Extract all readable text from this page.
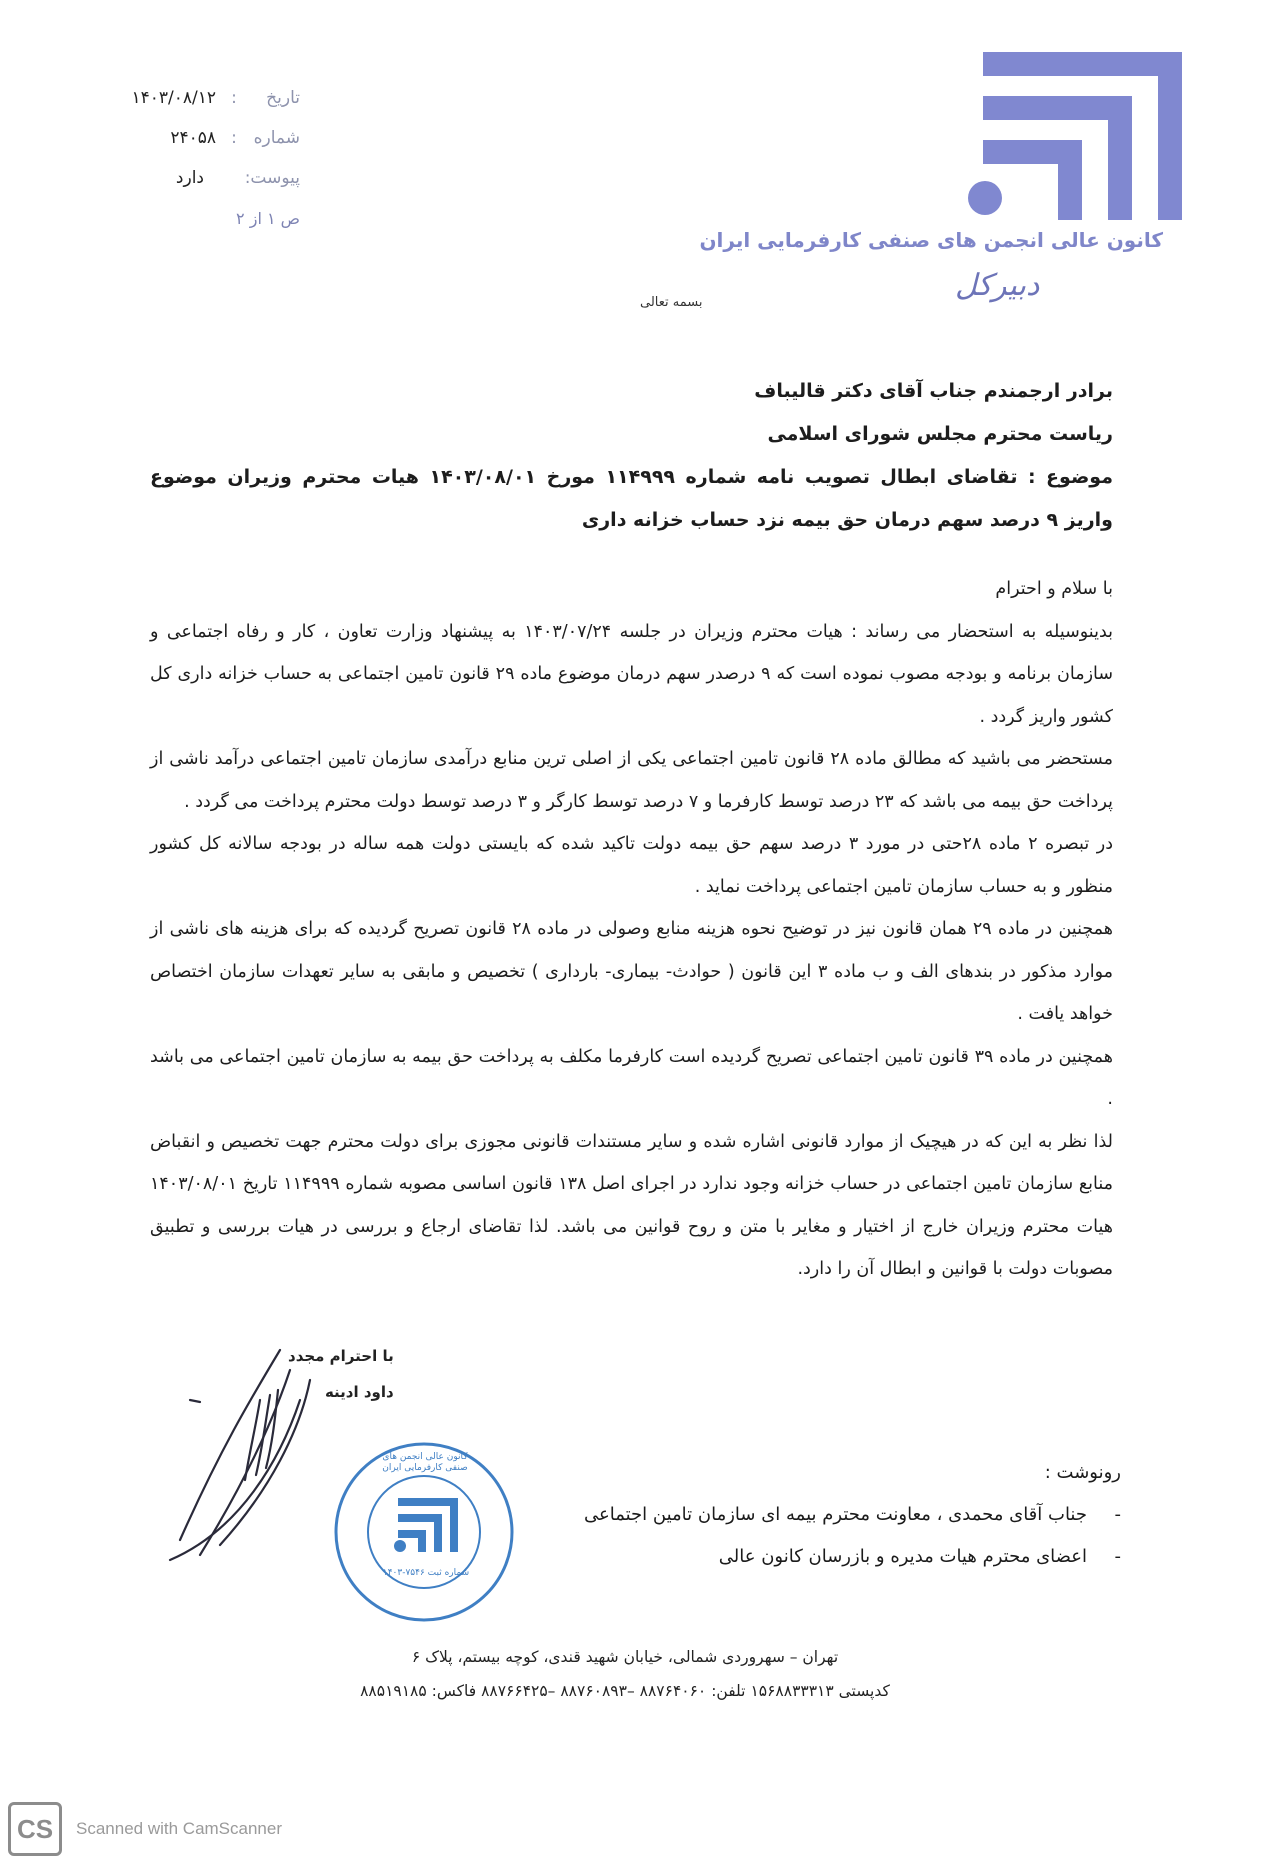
کانون عالی انجمن های صنفی کارفرمایی ایران
دبیرکل
تاریخ
:
۱۴۰۳/۰۸/۱۲
شماره
:
۲۴۰۵۸
پیوست:
دارد
ص ۱ از ۲
بسمه تعالی

برادر ارجمندم جناب آقای دکتر قالیباف

ریاست محترم مجلس شورای اسلامی

موضوع : تقاضای ابطال تصویب نامه شماره ۱۱۴۹۹۹ مورخ ۱۴۰۳/۰۸/۰۱ هیات محترم وزیران موضوع واریز ۹ درصد سهم درمان حق بیمه نزد حساب خزانه داری

با سلام و احترام

بدینوسیله به استحضار می رساند : هیات محترم وزیران در جلسه ۱۴۰۳/۰۷/۲۴ به پیشنهاد وزارت تعاون ، کار و رفاه اجتماعی و سازمان برنامه و بودجه مصوب نموده است که ۹ درصدر سهم درمان موضوع ماده ۲۹ قانون تامین اجتماعی به حساب خزانه داری کل کشور واریز گردد .

مستحضر می باشید که مطالق ماده ۲۸ قانون تامین اجتماعی یکی از اصلی ترین منابع درآمدی سازمان تامین اجتماعی درآمد ناشی از پرداخت حق بیمه می باشد که ۲۳ درصد توسط کارفرما و ۷ درصد توسط کارگر و ۳ درصد توسط دولت محترم پرداخت می گردد .

در تبصره ۲ ماده ۲۸حتی در مورد ۳ درصد سهم حق بیمه دولت تاکید شده که بایستی دولت همه ساله در بودجه سالانه کل کشور منظور و به حساب سازمان تامین اجتماعی پرداخت نماید .

همچنین در ماده ۲۹ همان قانون نیز در توضیح نحوه هزینه منابع وصولی در ماده ۲۸ قانون تصریح گردیده که برای هزینه های ناشی از موارد مذکور در بندهای الف و ب ماده ۳ این قانون ( حوادث- بیماری- بارداری ) تخصیص و مابقی به سایر تعهدات سازمان اختصاص خواهد یافت .

همچنین در ماده ۳۹ قانون تامین اجتماعی تصریح گردیده است کارفرما مکلف به پرداخت حق بیمه به سازمان تامین اجتماعی می باشد .

لذا نظر به این که در هیچیک از موارد قانونی اشاره شده و سایر مستندات قانونی مجوزی برای دولت محترم جهت تخصیص و انقباض منابع سازمان تامین اجتماعی در حساب خزانه وجود ندارد در اجرای اصل ۱۳۸ قانون اساسی مصوبه شماره ۱۱۴۹۹۹ تاریخ ۱۴۰۳/۰۸/۰۱ هیات محترم وزیران خارج از اختیار و مغایر با متن و روح قوانین می باشد. لذا تقاضای ارجاع و بررسی در هیات بررسی و تطبیق مصوبات دولت با قوانین و ابطال آن را دارد.

با احترام مجدد
داود ادینه
کانون عالی انجمن های صنفی کارفرمایی ایران
شماره ثبت ۷۵۴۶-۱۴۰۳

رونوشت :

- جناب آقای محمدی ، معاونت محترم بیمه ای سازمان تامین اجتماعی

- اعضای محترم هیات مدیره و بازرسان کانون عالی

تهران – سهروردی شمالی، خیابان شهید قندی، کوچه بیستم، پلاک ۶
کدپستی ۱۵۶۸۸۳۳۳۱۳ تلفن: ۸۸۷۶۴۰۶۰ –۸۸۷۶۰۸۹۳ –۸۸۷۶۶۴۲۵ فاکس: ۸۸۵۱۹۱۸۵
CS	Scanned with CamScanner
